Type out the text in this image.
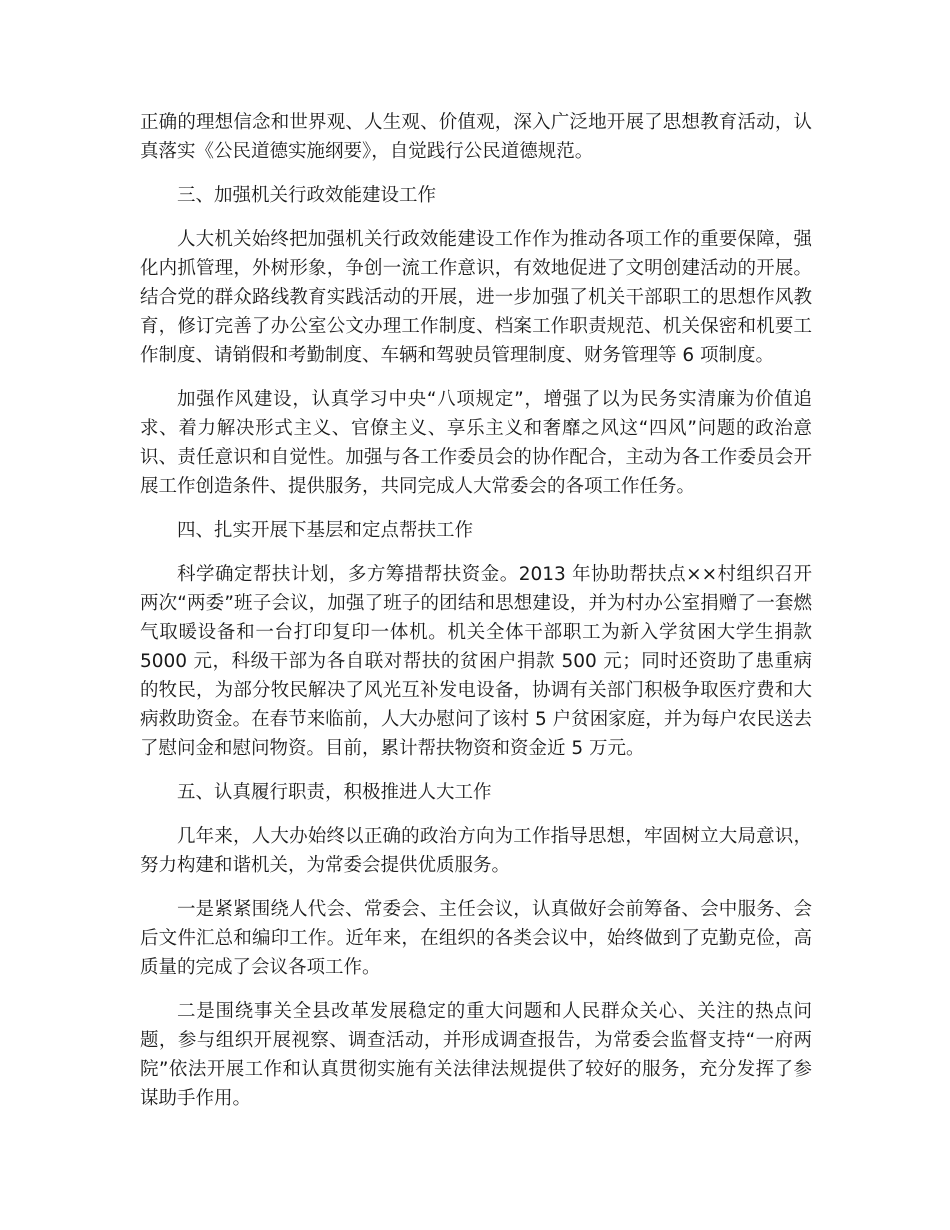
正确的理想信念和世界观、人生观、价值观，深入广泛地开展了思想教育活动，认真落实《公民道德实施纲要》，自觉践行公民道德规范。

三、加强机关行政效能建设工作

人大机关始终把加强机关行政效能建设工作作为推动各项工作的重要保障，强化内抓管理，外树形象，争创一流工作意识，有效地促进了文明创建活动的开展。结合党的群众路线教育实践活动的开展，进一步加强了机关干部职工的思想作风教育，修订完善了办公室公文办理工作制度、档案工作职责规范、机关保密和机要工作制度、请销假和考勤制度、车辆和驾驶员管理制度、财务管理等 6 项制度。

加强作风建设，认真学习中央“八项规定”，增强了以为民务实清廉为价值追求、着力解决形式主义、官僚主义、享乐主义和奢靡之风这“四风”问题的政治意识、责任意识和自觉性。加强与各工作委员会的协作配合，主动为各工作委员会开展工作创造条件、提供服务，共同完成人大常委会的各项工作任务。

四、扎实开展下基层和定点帮扶工作

科学确定帮扶计划，多方筹措帮扶资金。2013 年协助帮扶点××村组织召开两次“两委”班子会议，加强了班子的团结和思想建设，并为村办公室捐赠了一套燃气取暖设备和一台打印复印一体机。机关全体干部职工为新入学贫困大学生捐款 5000 元，科级干部为各自联对帮扶的贫困户捐款 500 元；同时还资助了患重病的牧民，为部分牧民解决了风光互补发电设备，协调有关部门积极争取医疗费和大病救助资金。在春节来临前，人大办慰问了该村 5 户贫困家庭，并为每户农民送去了慰问金和慰问物资。目前，累计帮扶物资和资金近 5 万元。

五、认真履行职责，积极推进人大工作

几年来，人大办始终以正确的政治方向为工作指导思想，牢固树立大局意识，努力构建和谐机关，为常委会提供优质服务。

一是紧紧围绕人代会、常委会、主任会议，认真做好会前筹备、会中服务、会后文件汇总和编印工作。近年来，在组织的各类会议中，始终做到了克勤克俭，高质量的完成了会议各项工作。

二是围绕事关全县改革发展稳定的重大问题和人民群众关心、关注的热点问题，参与组织开展视察、调查活动，并形成调查报告，为常委会监督支持“一府两院”依法开展工作和认真贯彻实施有关法律法规提供了较好的服务，充分发挥了参谋助手作用。
